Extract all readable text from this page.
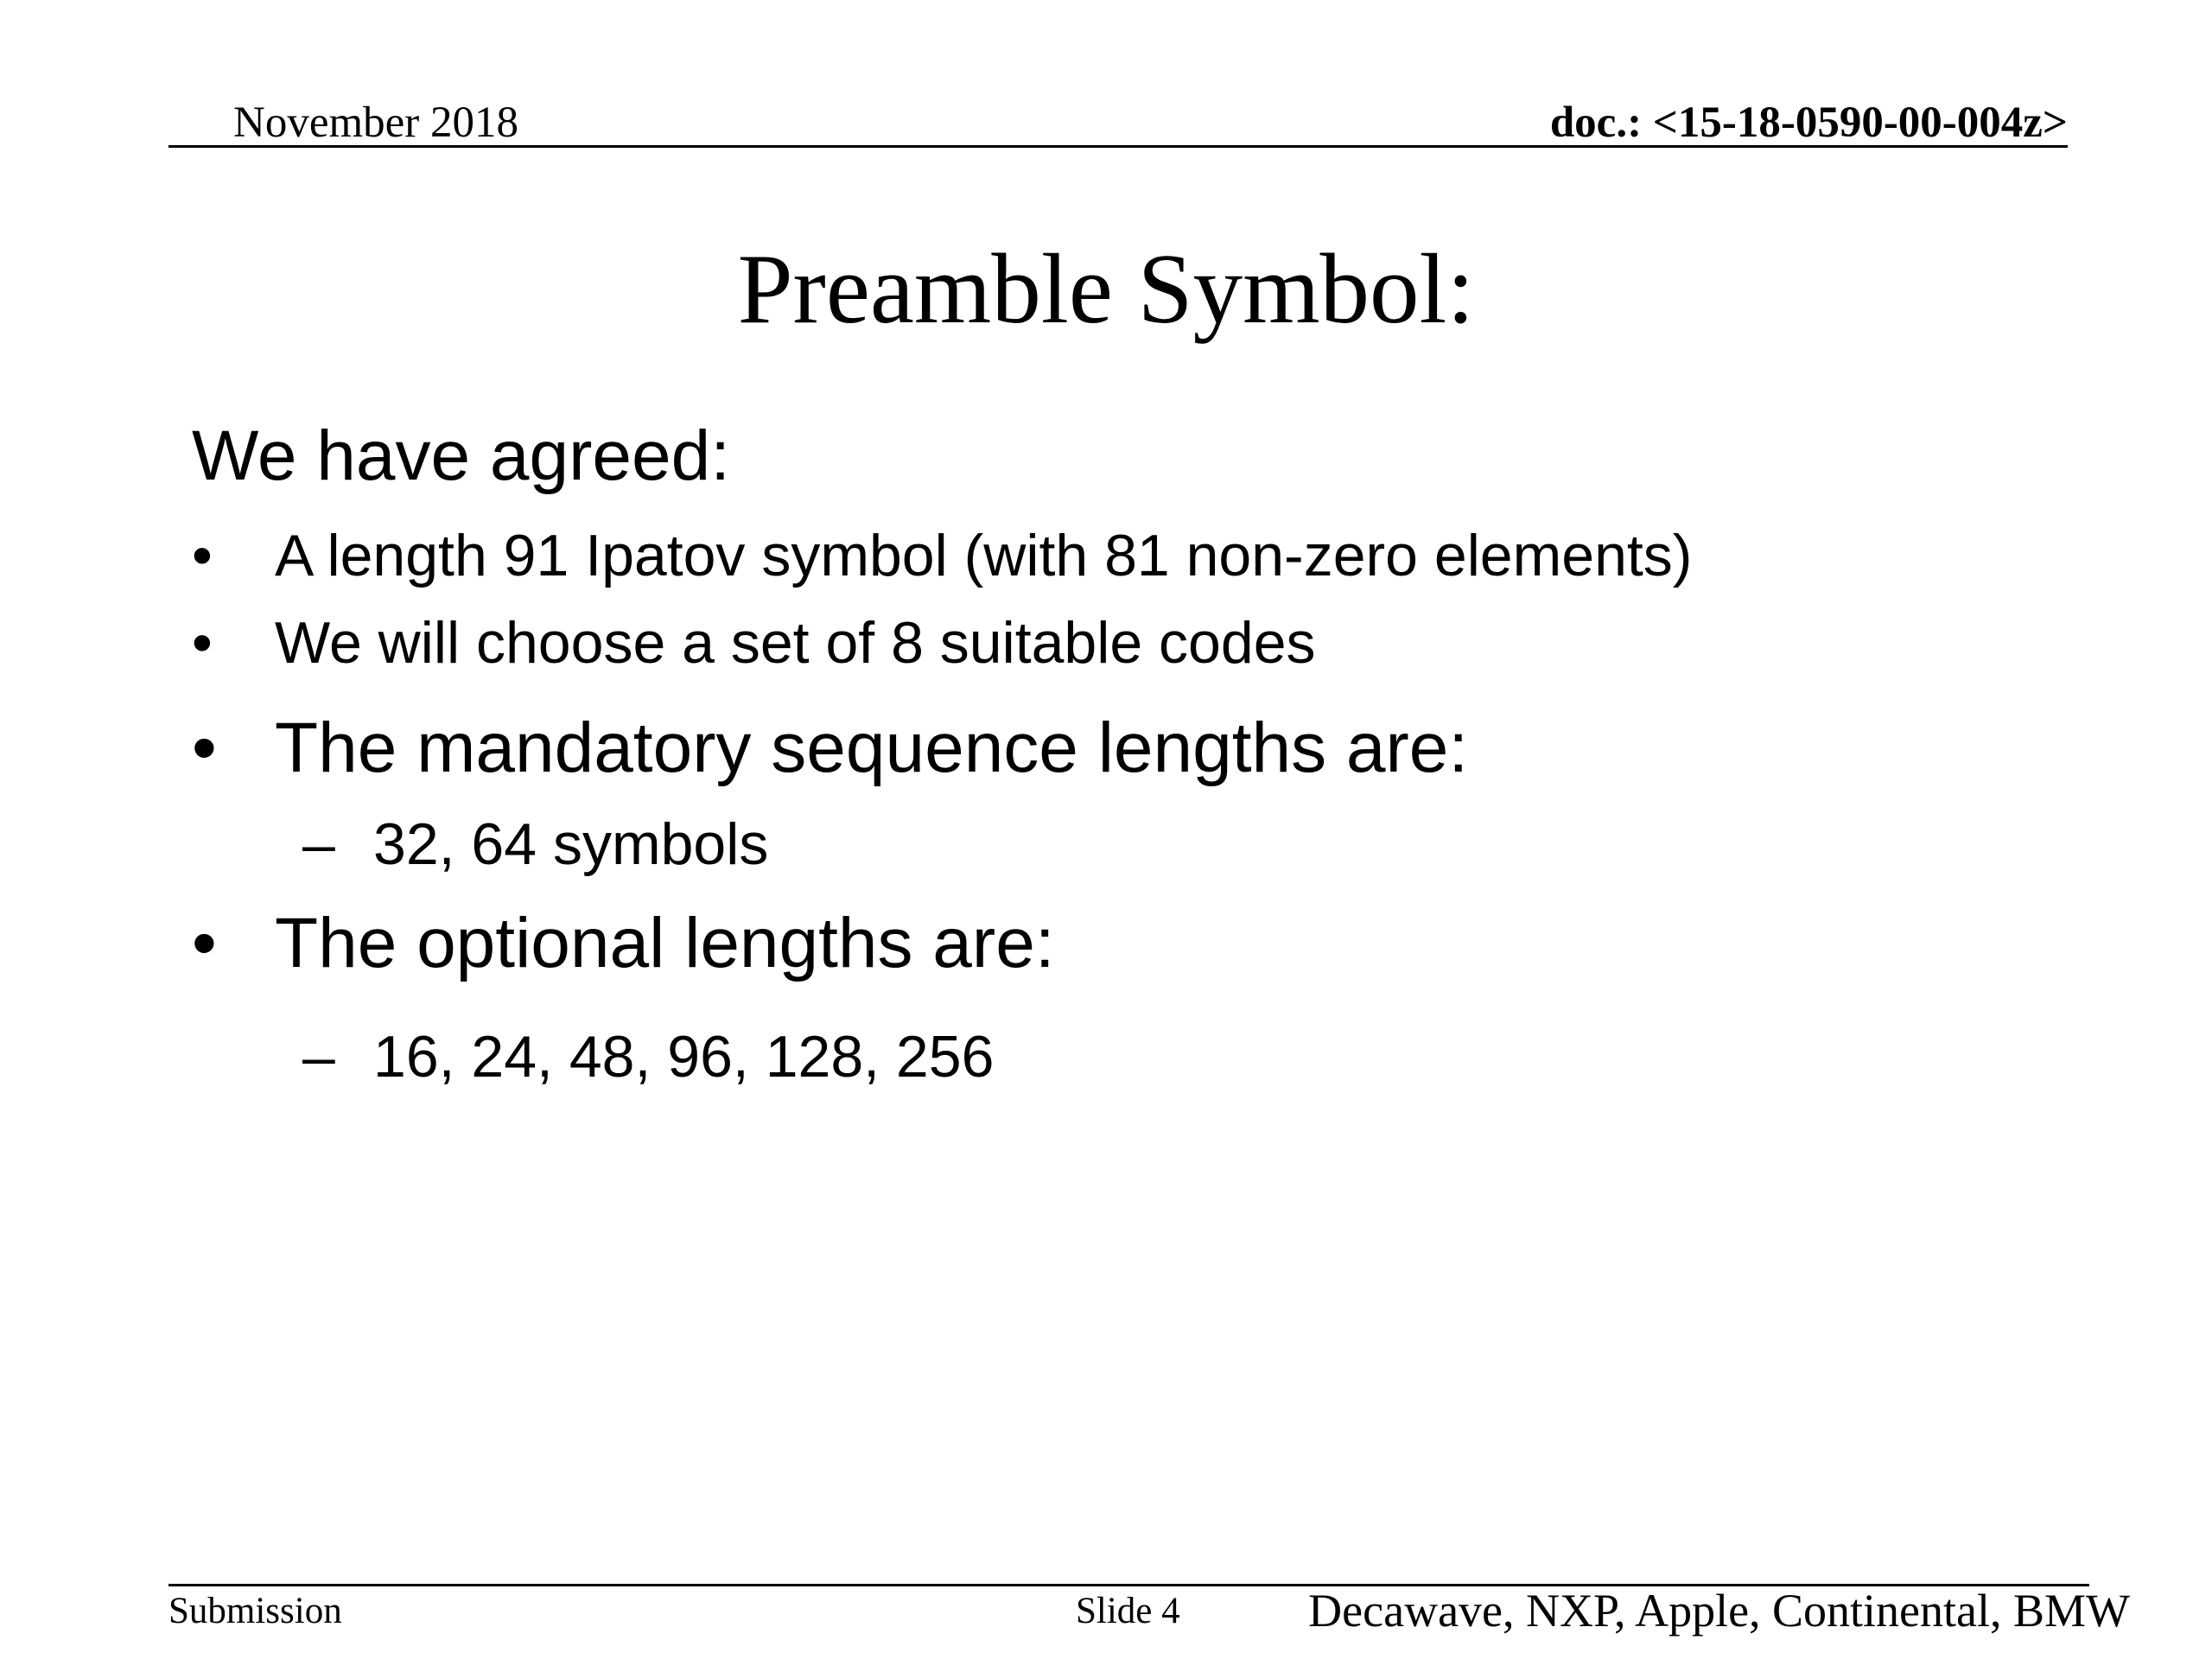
November 2018	doc.: <15-18-0590-00-004z>
Preamble Symbol:
We have agreed:
• A length 91 Ipatov symbol (with 81 non-zero elements)
• We will choose a set of 8 suitable codes
• The mandatory sequence lengths are:
– 32, 64 symbols
• The optional lengths are:
– 16, 24, 48, 96, 128, 256
Submission	Slide 4	Decawave, NXP, Apple, Continental, BMW
